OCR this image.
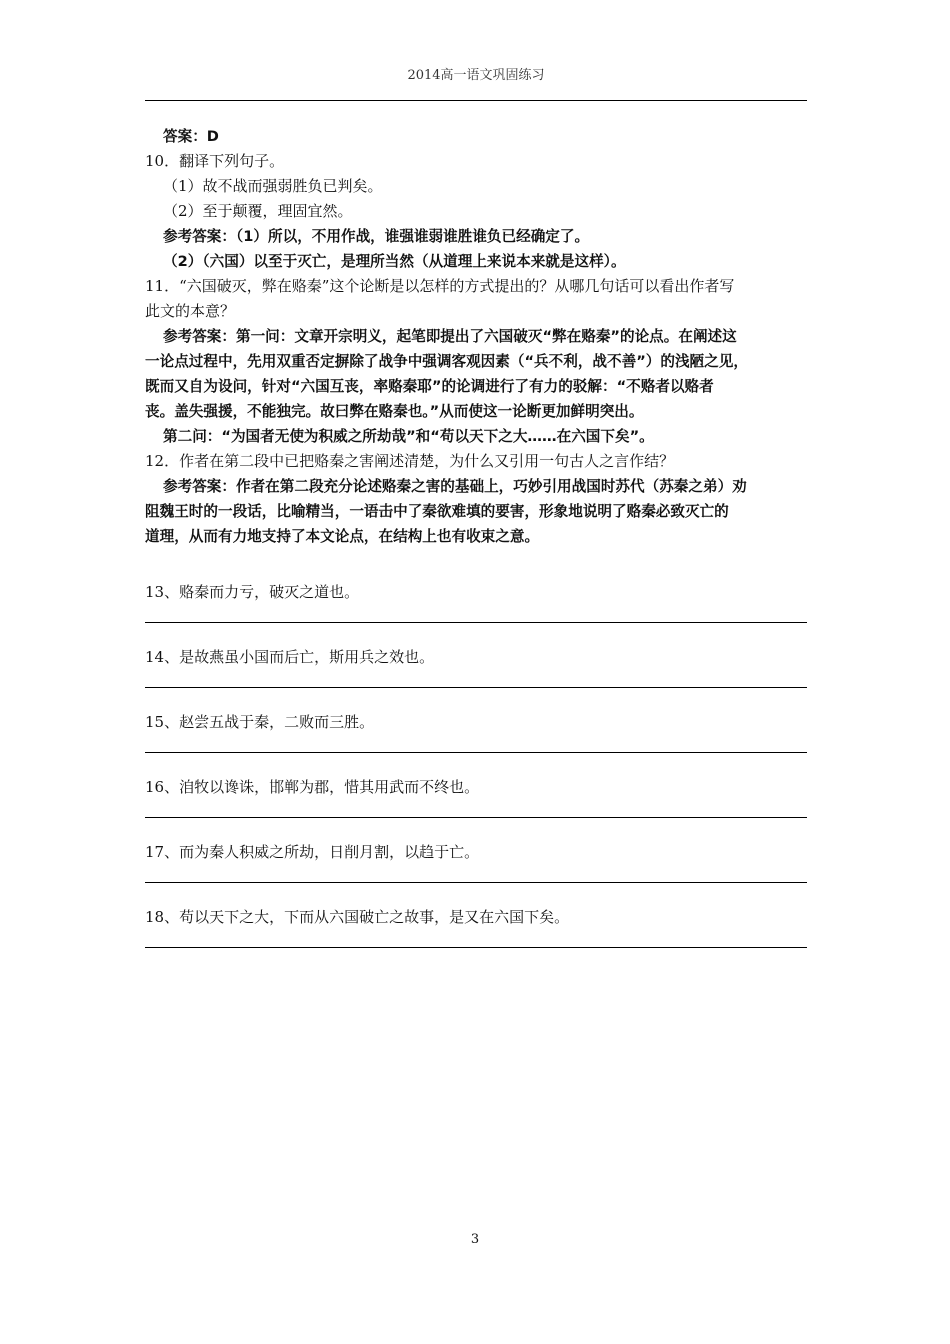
2014高一语文巩固练习
答案：D
10．翻译下列句子。
（1）故不战而强弱胜负已判矣。
（2）至于颠覆，理固宜然。
参考答案：（1）所以，不用作战，谁强谁弱谁胜谁负已经确定了。
（2）（六国）以至于灭亡，是理所当然（从道理上来说本来就是这样）。
11．“六国破灭，弊在赂秦”这个论断是以怎样的方式提出的？从哪几句话可以看出作者写
此文的本意？
参考答案：第一问：文章开宗明义，起笔即提出了六国破灭“弊在赂秦”的论点。在阐述这
一论点过程中，先用双重否定摒除了战争中强调客观因素（“兵不利，战不善”）的浅陋之见，
既而又自为设问，针对“六国互丧，率赂秦耶”的论调进行了有力的驳解：“不赂者以赂者
丧。盖失强援，不能独完。故曰弊在赂秦也。”从而使这一论断更加鲜明突出。
第二问：“为国者无使为积威之所劫哉”和“苟以天下之大……在六国下矣”。
12．作者在第二段中已把赂秦之害阐述清楚，为什么又引用一句古人之言作结？
参考答案：作者在第二段充分论述赂秦之害的基础上，巧妙引用战国时苏代（苏秦之弟）劝
阻魏王时的一段话，比喻精当，一语击中了秦欲难填的要害，形象地说明了赂秦必致灭亡的
道理，从而有力地支持了本文论点，在结构上也有收束之意。
13、赂秦而力亏，破灭之道也。
14、是故燕虽小国而后亡，斯用兵之效也。
15、赵尝五战于秦，二败而三胜。
16、洎牧以谗诛，邯郸为郡，惜其用武而不终也。
17、而为秦人积威之所劫，日削月割，以趋于亡。
18、苟以天下之大，下而从六国破亡之故事，是又在六国下矣。
3
